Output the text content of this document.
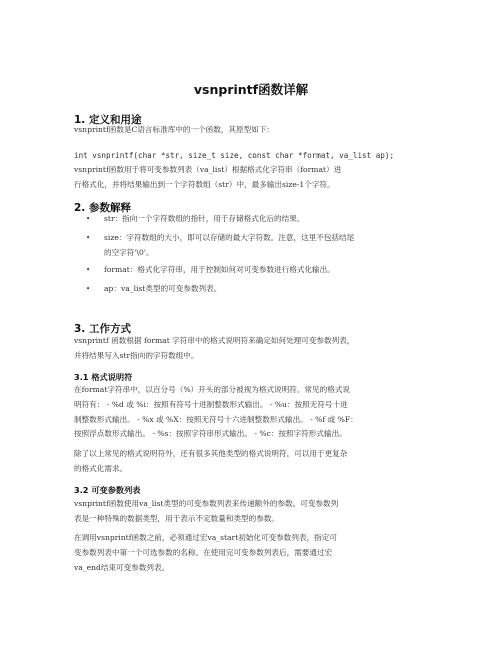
vsnprintf函数详解
1. 定义和用途
vsnprintf函数是C语言标准库中的一个函数，其原型如下：
int vsnprintf(char *str, size_t size, const char *format, va_list ap);
vsnprintf函数用于将可变参数列表（va_list）根据格式化字符串（format）进
行格式化，并将结果输出到一个字符数组（str）中，最多输出size-1个字符。
2. 参数解释
• str：指向一个字符数组的指针，用于存储格式化后的结果。
• size：字符数组的大小，即可以存储的最大字符数。注意，这里不包括结尾
的空字符'\0'。
• format：格式化字符串，用于控制如何对可变参数进行格式化输出。
• ap：va_list类型的可变参数列表。
3. 工作方式
vsnprintf 函数根据 format 字符串中的格式说明符来确定如何处理可变参数列表，
并将结果写入str指向的字符数组中。
3.1 格式说明符
在format字符串中，以百分号（%）开头的部分被视为格式说明符。常见的格式说
明符有： - %d 或 %i：按照有符号十进制整数形式输出。 - %u：按照无符号十进
制整数形式输出。 - %x 或 %X：按照无符号十六进制整数形式输出。 - %f 或 %F：
按照浮点数形式输出。 - %s：按照字符串形式输出。 - %c：按照字符形式输出。
除了以上常见的格式说明符外，还有很多其他类型的格式说明符，可以用于更复杂
的格式化需求。
3.2 可变参数列表
vsnprintf函数使用va_list类型的可变参数列表来传递额外的参数。可变参数列
表是一种特殊的数据类型，用于表示不定数量和类型的参数。
在调用vsnprintf函数之前，必须通过宏va_start初始化可变参数列表，指定可
变参数列表中第一个可选参数的名称。在使用完可变参数列表后，需要通过宏
va_end结束可变参数列表。
